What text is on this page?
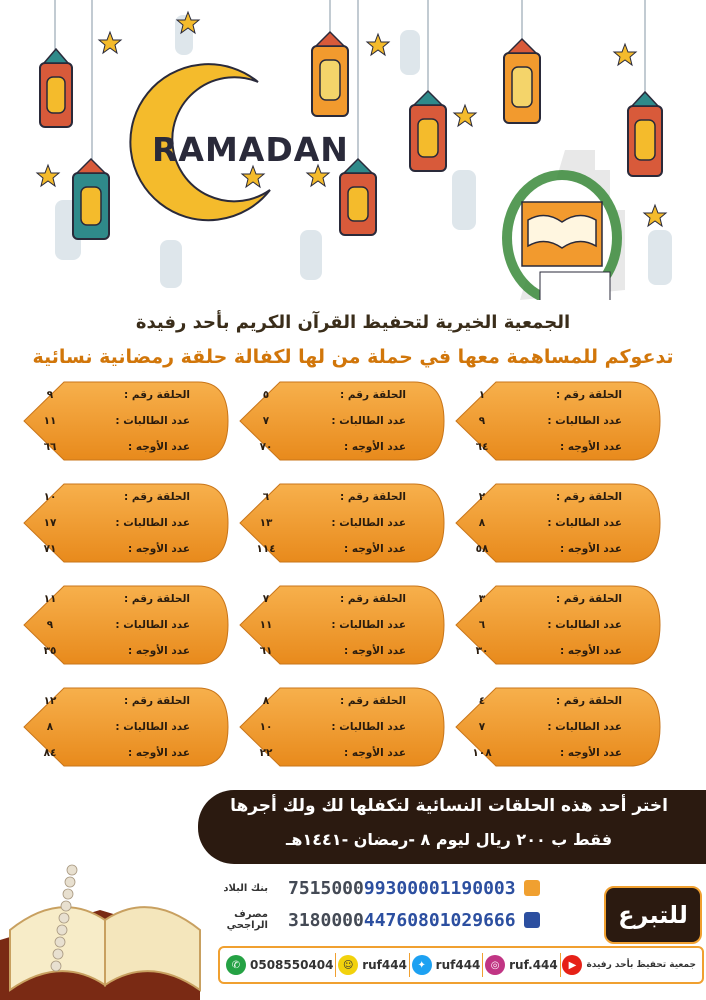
RAMADAN
الجمعية الخيرية لتحفيظ القرآن الكريم بأحد رفيدة
تدعوكم للمساهمة معها في حملة من لها لكفالة حلقة رمضانية نسائية
الحلقة رقم :
١
عدد الطالبات :
٩
عدد الأوجه :
٦٤
الحلقة رقم :
٥
عدد الطالبات :
٧
عدد الأوجه :
٧٠
الحلقة رقم :
٩
عدد الطالبات :
١١
عدد الأوجه :
٦٦
الحلقة رقم :
٢
عدد الطالبات :
٨
عدد الأوجه :
٥٨
الحلقة رقم :
٦
عدد الطالبات :
١٣
عدد الأوجه :
١١٤
الحلقة رقم :
١٠
عدد الطالبات :
١٧
عدد الأوجه :
٧١
الحلقة رقم :
٣
عدد الطالبات :
٦
عدد الأوجه :
٣٠
الحلقة رقم :
٧
عدد الطالبات :
١١
عدد الأوجه :
٦١
الحلقة رقم :
١١
عدد الطالبات :
٩
عدد الأوجه :
٣٥
الحلقة رقم :
٤
عدد الطالبات :
٧
عدد الأوجه :
١٠٨
الحلقة رقم :
٨
عدد الطالبات :
١٠
عدد الأوجه :
٢٢
الحلقة رقم :
١٢
عدد الطالبات :
٨
عدد الأوجه :
٨٤
اختر أحد هذه الحلقات النسائية لتكفلها لك ولك أجرها
فقط ب ٢٠٠ ريال ليوم ٨ -رمضان -١٤٤١هـ
بنك البلاد 751500099300001190003
مصرف الراجحي 318000044760801029666	للتبرع
✆ 0508550404 ☺ ruf444	✦ ruf444	◎ ruf.444	▶	جمعية تحفيظ بأحد رفيدة
